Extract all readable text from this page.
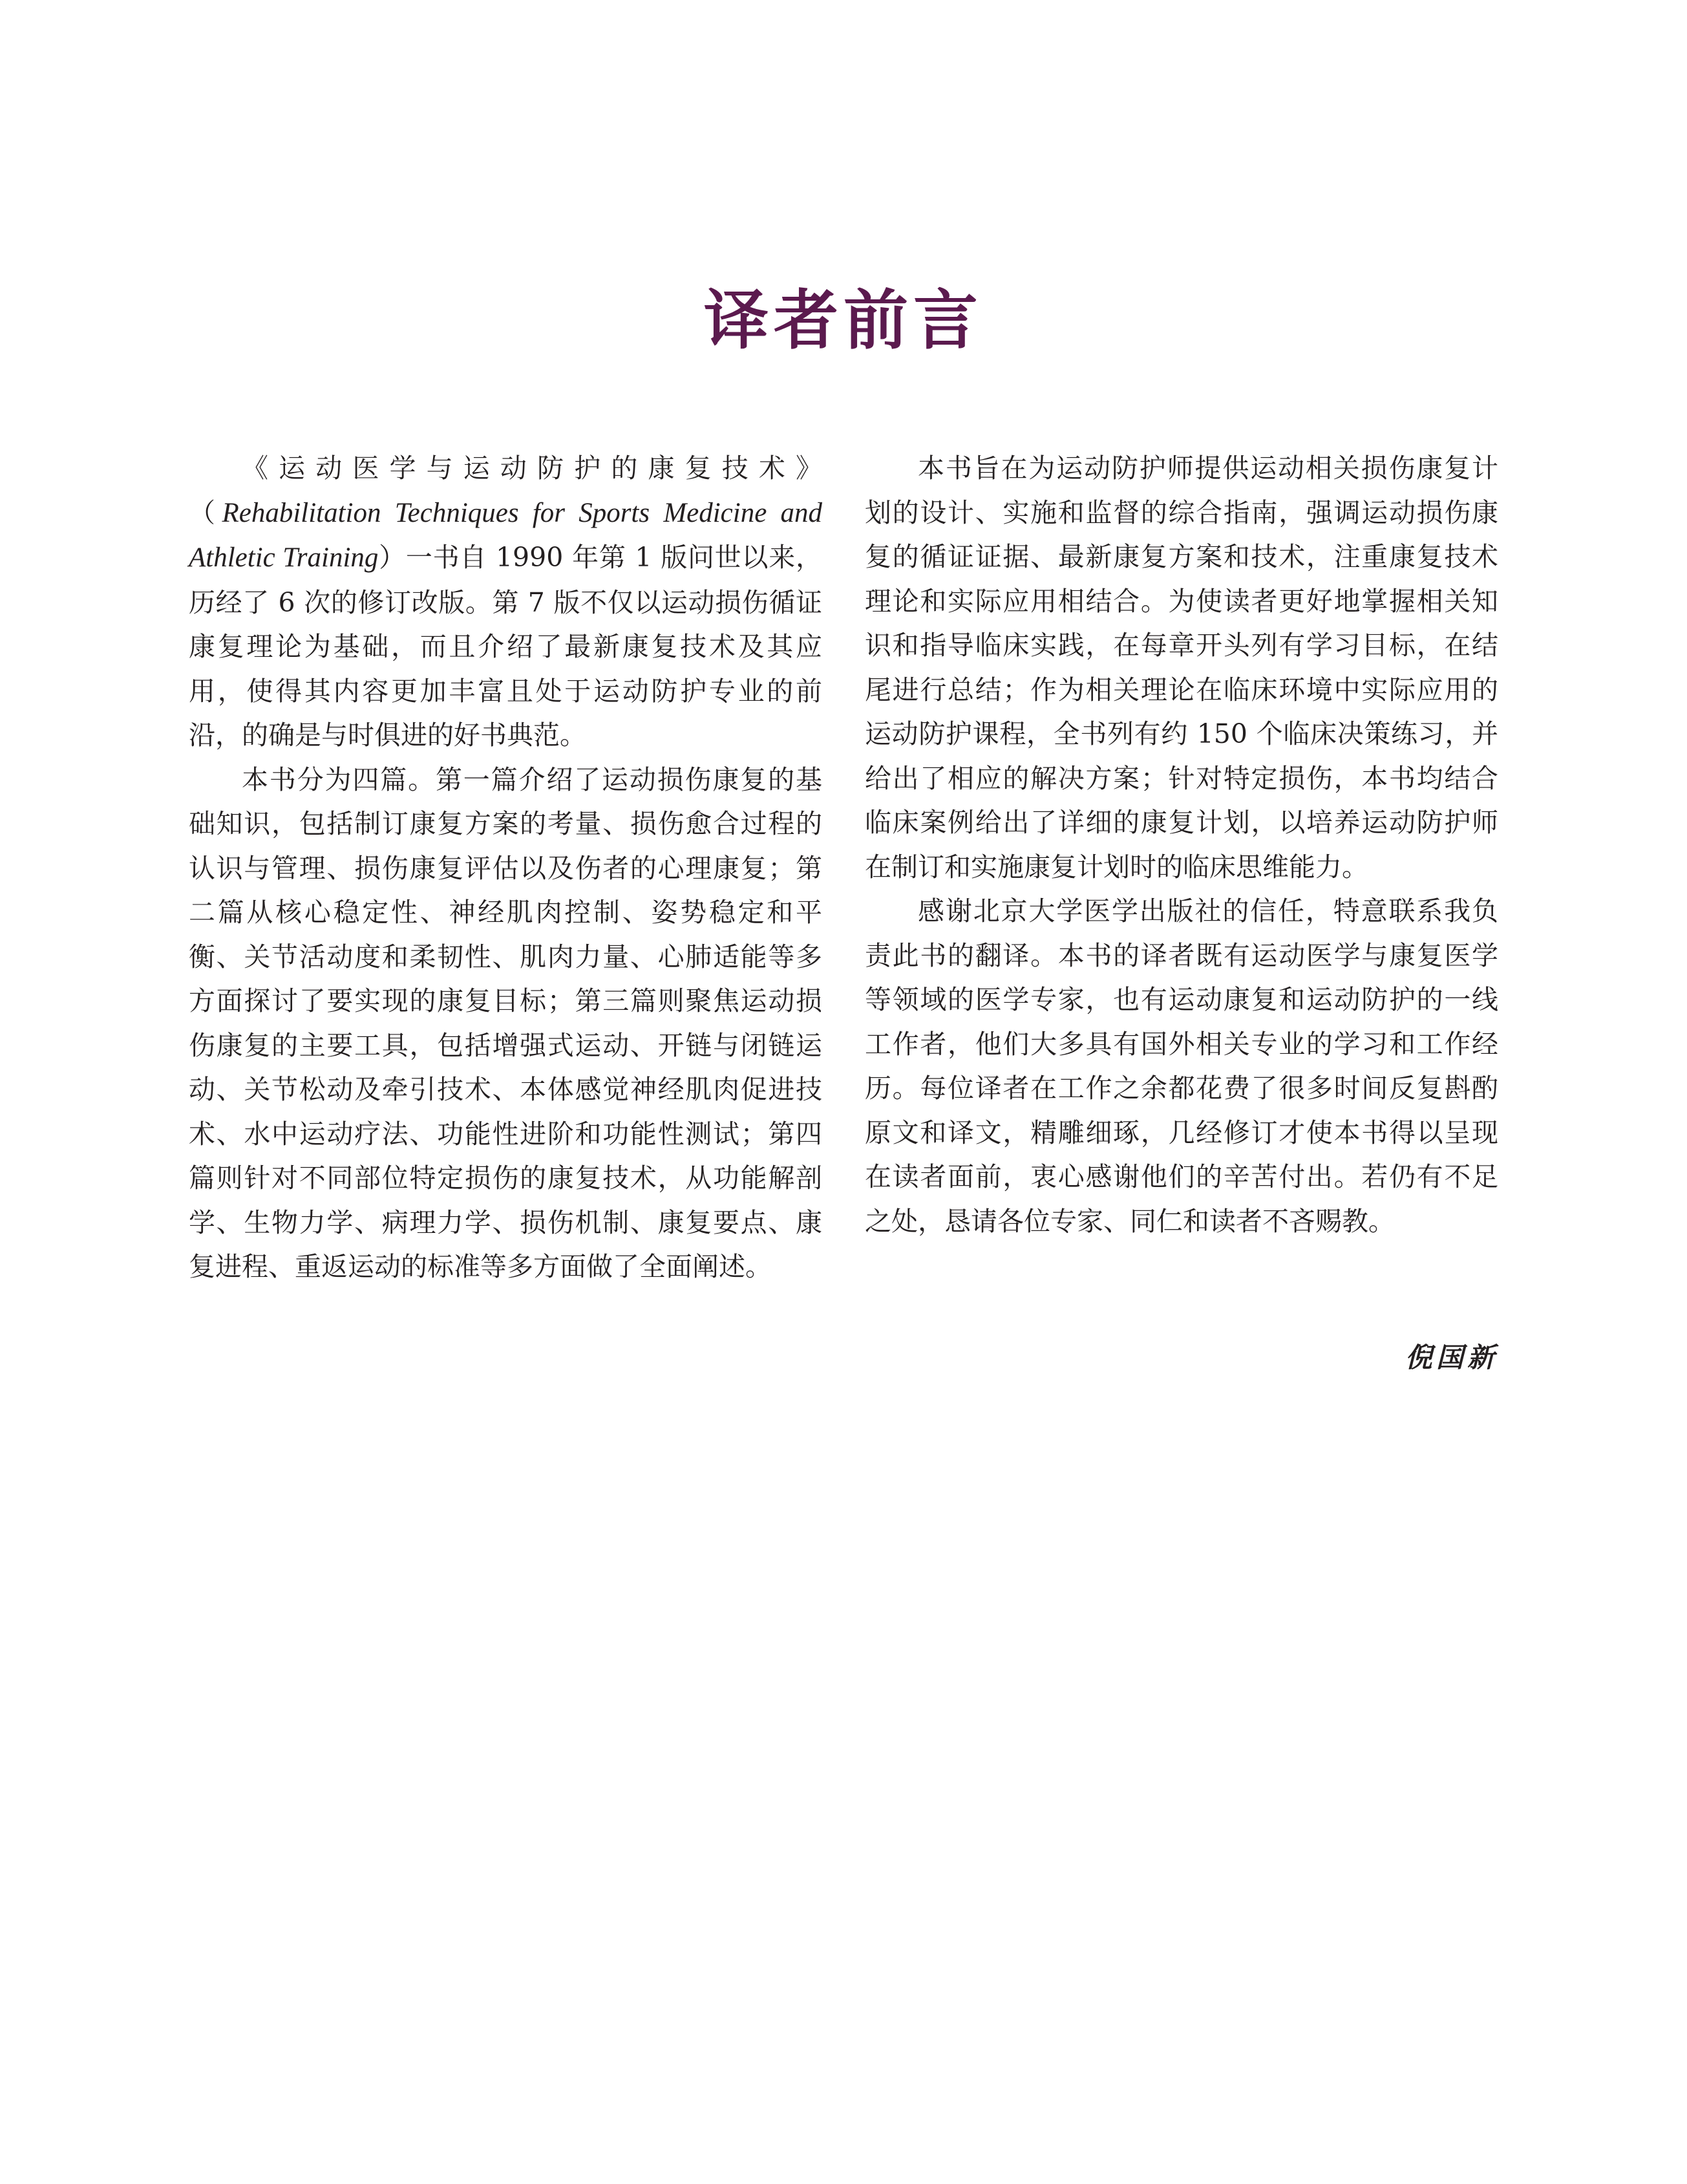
译者前言

《运动医学与运动防护的康复技术》（Rehabilitation Techniques for Sports Medicine and Athletic Training）一书自 1990 年第 1 版问世以来，历经了 6 次的修订改版。第 7 版不仅以运动损伤循证康复理论为基础，而且介绍了最新康复技术及其应用，使得其内容更加丰富且处于运动防护专业的前沿，的确是与时俱进的好书典范。

本书分为四篇。第一篇介绍了运动损伤康复的基础知识，包括制订康复方案的考量、损伤愈合过程的认识与管理、损伤康复评估以及伤者的心理康复；第二篇从核心稳定性、神经肌肉控制、姿势稳定和平衡、关节活动度和柔韧性、肌肉力量、心肺适能等多方面探讨了要实现的康复目标；第三篇则聚焦运动损伤康复的主要工具，包括增强式运动、开链与闭链运动、关节松动及牵引技术、本体感觉神经肌肉促进技术、水中运动疗法、功能性进阶和功能性测试；第四篇则针对不同部位特定损伤的康复技术，从功能解剖学、生物力学、病理力学、损伤机制、康复要点、康复进程、重返运动的标准等多方面做了全面阐述。

本书旨在为运动防护师提供运动相关损伤康复计划的设计、实施和监督的综合指南，强调运动损伤康复的循证证据、最新康复方案和技术，注重康复技术理论和实际应用相结合。为使读者更好地掌握相关知识和指导临床实践，在每章开头列有学习目标，在结尾进行总结；作为相关理论在临床环境中实际应用的运动防护课程，全书列有约 150 个临床决策练习，并给出了相应的解决方案；针对特定损伤，本书均结合临床案例给出了详细的康复计划，以培养运动防护师在制订和实施康复计划时的临床思维能力。

感谢北京大学医学出版社的信任，特意联系我负责此书的翻译。本书的译者既有运动医学与康复医学等领域的医学专家，也有运动康复和运动防护的一线工作者，他们大多具有国外相关专业的学习和工作经历。每位译者在工作之余都花费了很多时间反复斟酌原文和译文，精雕细琢，几经修订才使本书得以呈现在读者面前，衷心感谢他们的辛苦付出。若仍有不足之处，恳请各位专家、同仁和读者不吝赐教。

倪国新
